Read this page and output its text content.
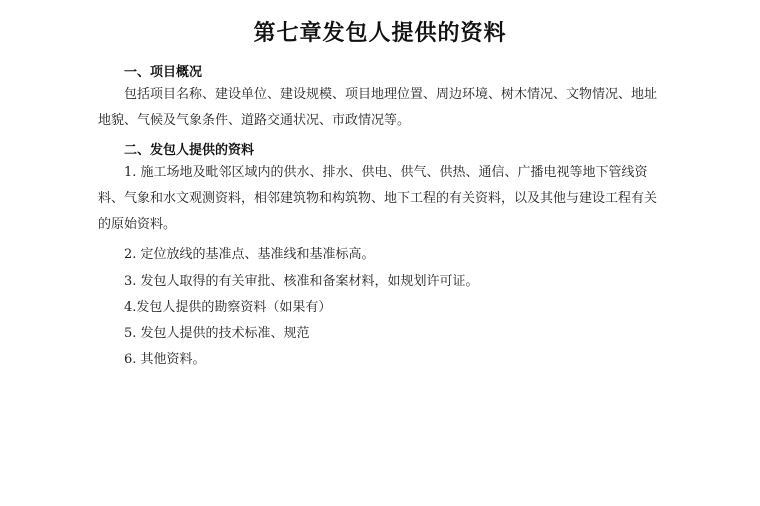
第七章发包人提供的资料
一、项目概况
包括项目名称、建设单位、建设规模、项目地理位置、周边环境、树木情况、文物情况、地址地貌、气候及气象条件、道路交通状况、市政情况等。
二、发包人提供的资料
1. 施工场地及毗邻区域内的供水、排水、供电、供气、供热、通信、广播电视等地下管线资料、气象和水文观测资料，相邻建筑物和构筑物、地下工程的有关资料，以及其他与建设工程有关的原始资料。
2. 定位放线的基准点、基准线和基准标高。
3. 发包人取得的有关审批、核准和备案材料，如规划许可证。
4.发包人提供的勘察资料（如果有）
5. 发包人提供的技术标准、规范
6. 其他资料。
